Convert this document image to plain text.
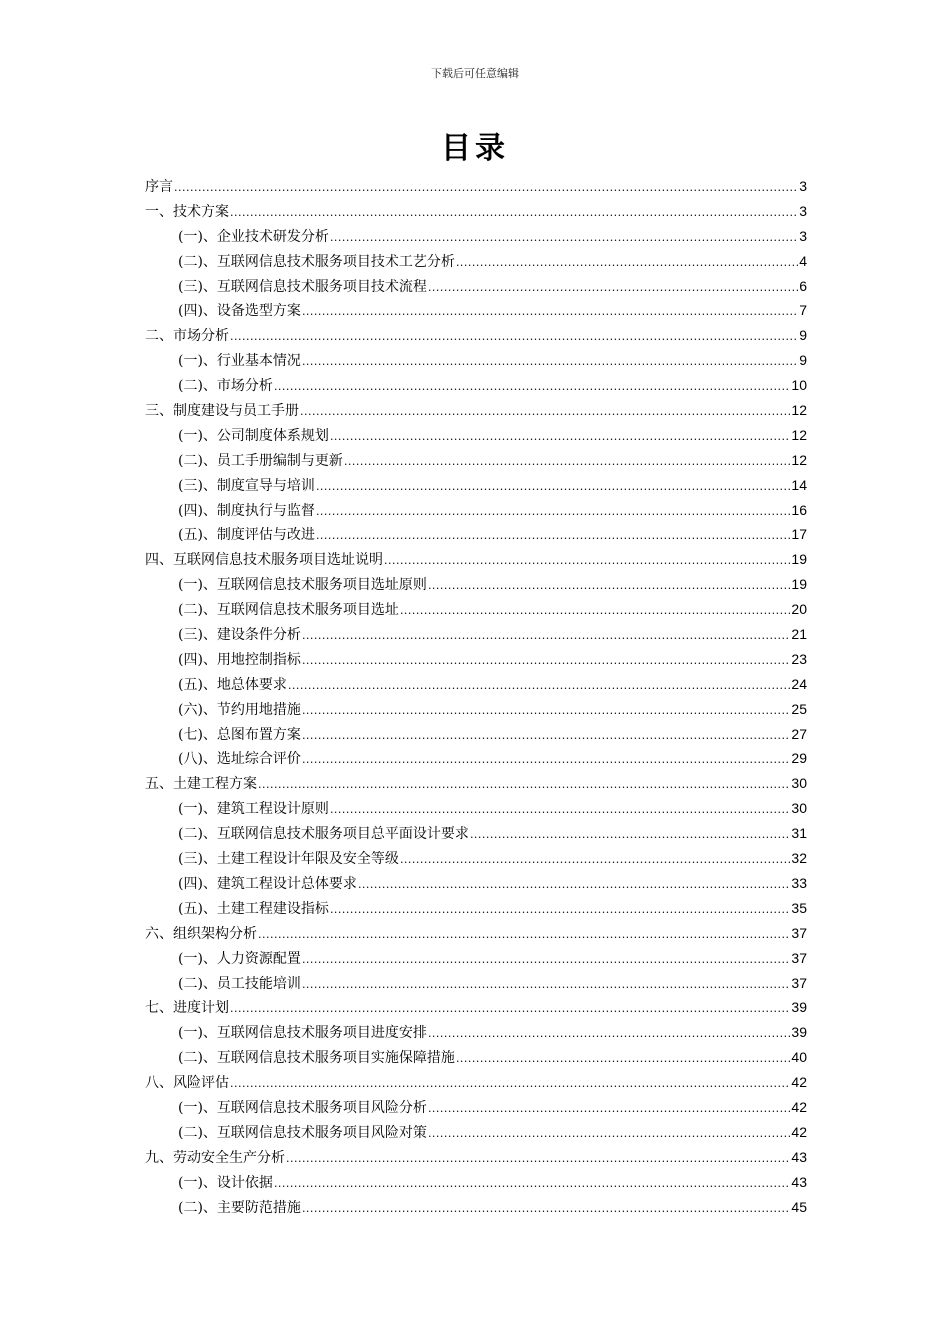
下载后可任意编辑
目录
序言 .....	3
一、技术方案 .....	3
(一)、企业技术研发分析 .....	3
(二)、互联网信息技术服务项目技术工艺分析 .....	4
(三)、互联网信息技术服务项目技术流程 .....	6
(四)、设备选型方案 .....	7
二、市场分析 .....	9
(一)、行业基本情况 .....	9
(二)、市场分析 .....	10
三、制度建设与员工手册 .....	12
(一)、公司制度体系规划 .....	12
(二)、员工手册编制与更新 .....	12
(三)、制度宣导与培训 .....	14
(四)、制度执行与监督 .....	16
(五)、制度评估与改进 .....	17
四、互联网信息技术服务项目选址说明 .....	19
(一)、互联网信息技术服务项目选址原则 .....	19
(二)、互联网信息技术服务项目选址 .....	20
(三)、建设条件分析 .....	21
(四)、用地控制指标 .....	23
(五)、地总体要求 .....	24
(六)、节约用地措施 .....	25
(七)、总图布置方案 .....	27
(八)、选址综合评价 .....	29
五、土建工程方案 .....	30
(一)、建筑工程设计原则 .....	30
(二)、互联网信息技术服务项目总平面设计要求 .....	31
(三)、土建工程设计年限及安全等级 .....	32
(四)、建筑工程设计总体要求 .....	33
(五)、土建工程建设指标 .....	35
六、组织架构分析 .....	37
(一)、人力资源配置 .....	37
(二)、员工技能培训 .....	37
七、进度计划 .....	39
(一)、互联网信息技术服务项目进度安排 .....	39
(二)、互联网信息技术服务项目实施保障措施 .....	40
八、风险评估 .....	42
(一)、互联网信息技术服务项目风险分析 .....	42
(二)、互联网信息技术服务项目风险对策 .....	42
九、劳动安全生产分析 .....	43
(一)、设计依据 .....	43
(二)、主要防范措施 .....	45
